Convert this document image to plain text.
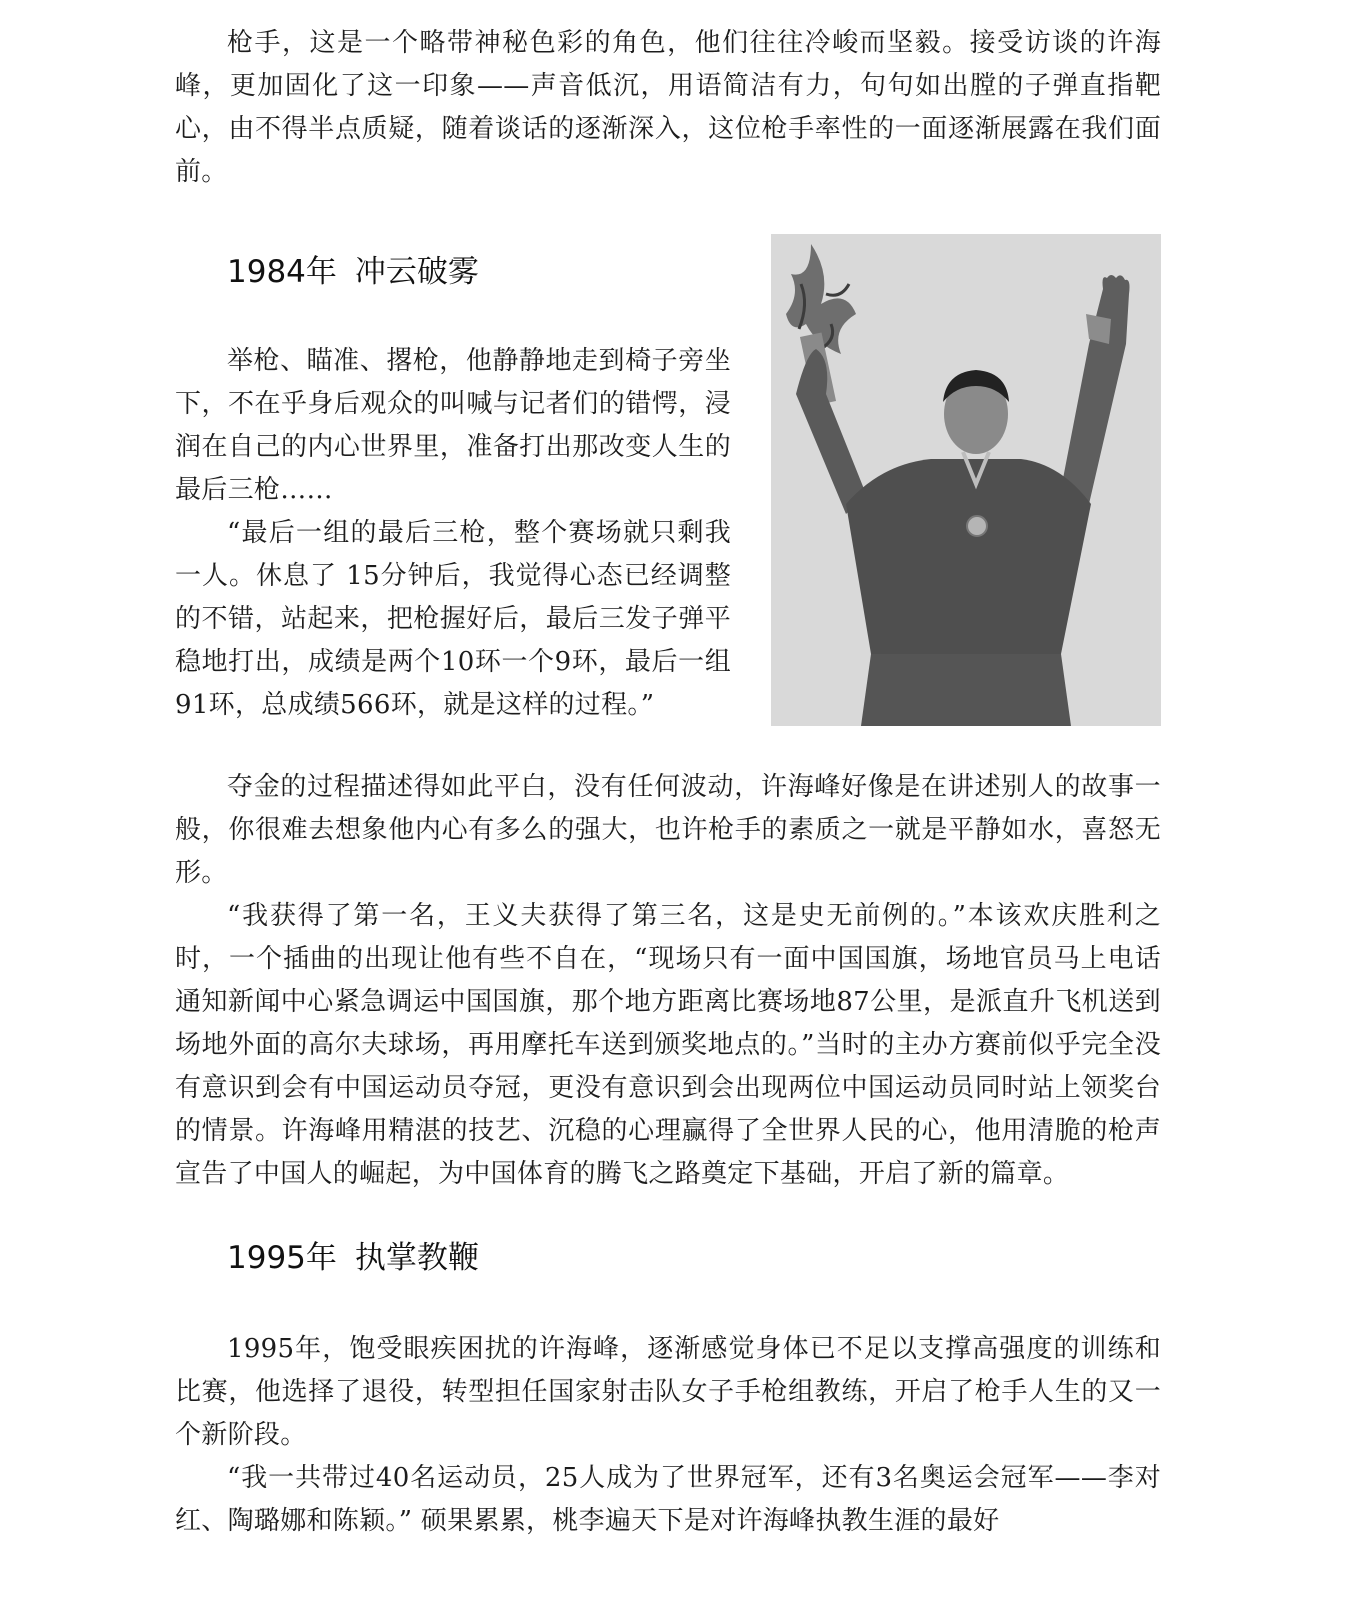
枪手，这是一个略带神秘色彩的角色，他们往往冷峻而坚毅。接受访谈的许海峰，更加固化了这一印象——声音低沉，用语简洁有力，句句如出膛的子弹直指靶心，由不得半点质疑，随着谈话的逐渐深入，这位枪手率性的一面逐渐展露在我们面前。

1984年 冲云破雾

举枪、瞄准、撂枪，他静静地走到椅子旁坐下，不在乎身后观众的叫喊与记者们的错愕，浸润在自己的内心世界里，准备打出那改变人生的最后三枪……

“最后一组的最后三枪，整个赛场就只剩我一人。休息了 15分钟后，我觉得心态已经调整的不错，站起来，把枪握好后，最后三发子弹平稳地打出，成绩是两个10环一个9环，最后一组91环，总成绩566环，就是这样的过程。”

夺金的过程描述得如此平白，没有任何波动，许海峰好像是在讲述别人的故事一般，你很难去想象他内心有多么的强大，也许枪手的素质之一就是平静如水，喜怒无形。

“我获得了第一名，王义夫获得了第三名，这是史无前例的。”本该欢庆胜利之时，一个插曲的出现让他有些不自在，“现场只有一面中国国旗，场地官员马上电话通知新闻中心紧急调运中国国旗，那个地方距离比赛场地87公里，是派直升飞机送到场地外面的高尔夫球场，再用摩托车送到颁奖地点的。”当时的主办方赛前似乎完全没有意识到会有中国运动员夺冠，更没有意识到会出现两位中国运动员同时站上领奖台的情景。许海峰用精湛的技艺、沉稳的心理赢得了全世界人民的心，他用清脆的枪声宣告了中国人的崛起，为中国体育的腾飞之路奠定下基础，开启了新的篇章。

1995年 执掌教鞭

1995年，饱受眼疾困扰的许海峰，逐渐感觉身体已不足以支撑高强度的训练和比赛，他选择了退役，转型担任国家射击队女子手枪组教练，开启了枪手人生的又一个新阶段。

“我一共带过40名运动员，25人成为了世界冠军，还有3名奥运会冠军——李对红、陶璐娜和陈颖。” 硕果累累，桃李遍天下是对许海峰执教生涯的最好
